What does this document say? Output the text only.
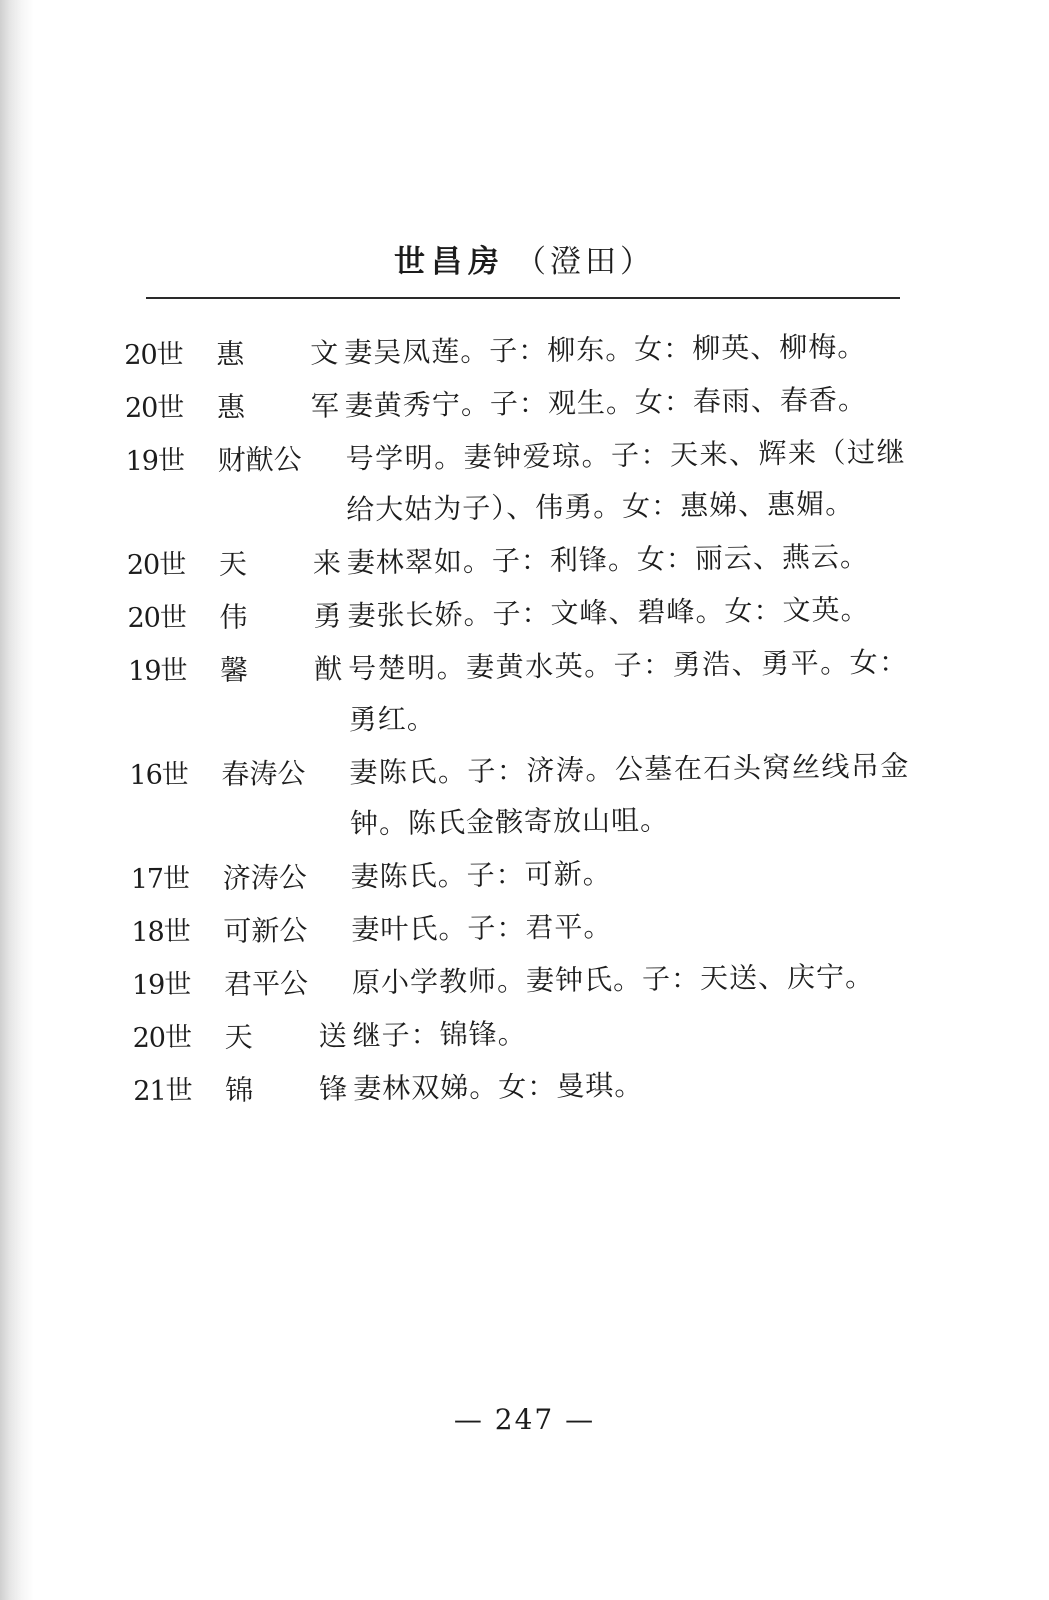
世昌房 （澄田）
20世	惠 文 妻吴凤莲。子：柳东。女：柳英、柳梅。
20世	惠 军 妻黄秀宁。子：观生。女：春雨、春香。
19世	财猷公 号学明。妻钟爱琼。子：天来、辉来（过继给大姑为子）、伟勇。女：惠娣、惠媚。
20世	天 来 妻林翠如。子：利锋。女：丽云、燕云。
20世	伟 勇 妻张长娇。子：文峰、碧峰。女：文英。
19世	馨 猷 号楚明。妻黄水英。子：勇浩、勇平。女：勇红。
16世	春涛公 妻陈氏。子：济涛。公墓在石头窝丝线吊金钟。陈氏金骸寄放山咀。
17世	济涛公 妻陈氏。子：可新。
18世	可新公 妻叶氏。子：君平。
19世	君平公 原小学教师。妻钟氏。子：天送、庆宁。
20世	天 送 继子：锦锋。
21世	锦 锋 妻林双娣。女：曼琪。
— 247 —
